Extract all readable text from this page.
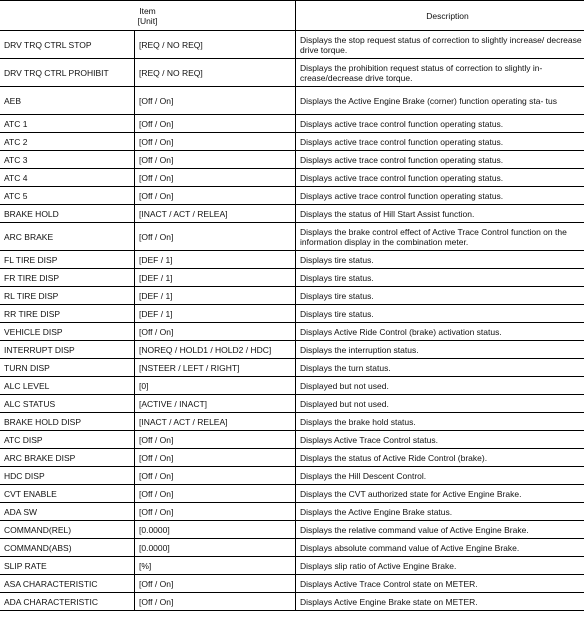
Item
[Unit]		Description
DRV TRQ CTRL STOP	[REQ / NO REQ]	Displays the stop request status of correction to slightly increase/ decrease drive torque.
DRV TRQ CTRL PROHIBIT	[REQ / NO REQ]	Displays the prohibition request status of correction to slightly in- crease/decrease drive torque.
AEB	[Off / On]	Displays the Active Engine Brake (corner) function operating sta- tus
ATC 1	[Off / On]	Displays active trace control function operating status.
ATC 2	[Off / On]	Displays active trace control function operating status.
ATC 3	[Off / On]	Displays active trace control function operating status.
ATC 4	[Off / On]	Displays active trace control function operating status.
ATC 5	[Off / On]	Displays active trace control function operating status.
BRAKE HOLD	[INACT / ACT / RELEA]	Displays the status of Hill Start Assist function.
ARC BRAKE	[Off / On]	Displays the brake control effect of Active Trace Control function on the information display in the combination meter.
FL TIRE DISP	[DEF / 1]	Displays tire status.
FR TIRE DISP	[DEF / 1]	Displays tire status.
RL TIRE DISP	[DEF / 1]	Displays tire status.
RR TIRE DISP	[DEF / 1]	Displays tire status.
VEHICLE DISP	[Off / On]	Displays Active Ride Control (brake) activation status.
INTERRUPT DISP	[NOREQ / HOLD1 / HOLD2 / HDC]	Displays the interruption status.
TURN DISP	[NSTEER / LEFT / RIGHT]	Displays the turn status.
ALC LEVEL	[0]	Displayed but not used.
ALC STATUS	[ACTIVE / INACT]	Displayed but not used.
BRAKE HOLD DISP	[INACT / ACT / RELEA]	Displays the brake hold status.
ATC DISP	[Off / On]	Displays Active Trace Control status.
ARC BRAKE DISP	[Off / On]	Displays the status of Active Ride Control (brake).
HDC DISP	[Off / On]	Displays the Hill Descent Control.
CVT ENABLE	[Off / On]	Displays the CVT authorized state for Active Engine Brake.
ADA SW	[Off / On]	Displays the Active Engine Brake status.
COMMAND(REL)	[0.0000]	Displays the relative command value of Active Engine Brake.
COMMAND(ABS)	[0.0000]	Displays absolute command value of Active Engine Brake.
SLIP RATE	[%]	Displays slip ratio of Active Engine Brake.
ASA CHARACTERISTIC	[Off / On]	Displays Active Trace Control state on METER.
ADA CHARACTERISTIC	[Off / On]	Displays Active Engine Brake state on METER.
